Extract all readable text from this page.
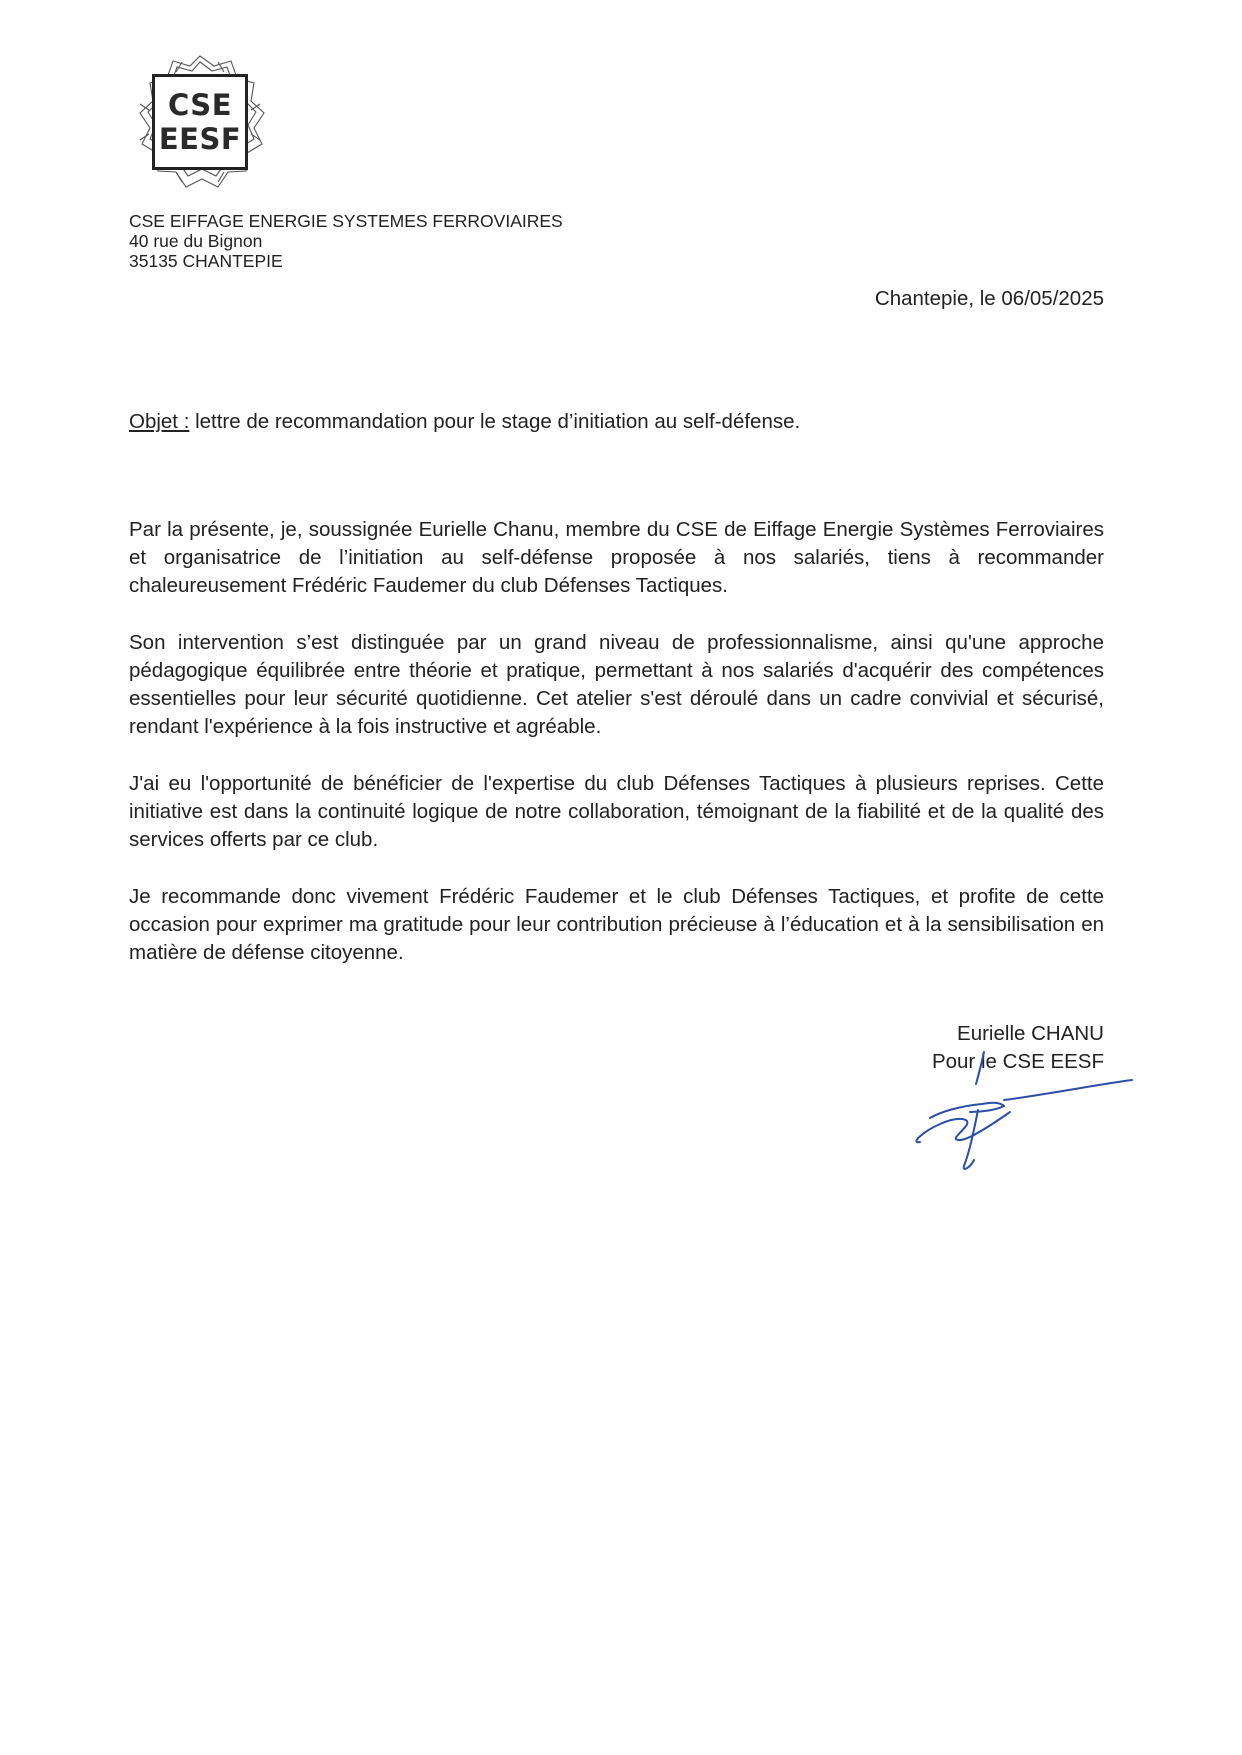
CSE
EESF
CSE EIFFAGE ENERGIE SYSTEMES FERROVIAIRES
40 rue du Bignon
35135 CHANTEPIE
Chantepie, le 06/05/2025
Objet : lettre de recommandation pour le stage d’initiation au self-défense.

Par la présente, je, soussignée Eurielle Chanu, membre du CSE de Eiffage Energie Systèmes Ferroviaires et organisatrice de l’initiation au self-défense proposée à nos salariés, tiens à recommander chaleureusement Frédéric Faudemer du club Défenses Tactiques.

Son intervention s’est distinguée par un grand niveau de professionnalisme, ainsi qu'une approche pédagogique équilibrée entre théorie et pratique, permettant à nos salariés d'acquérir des compétences essentielles pour leur sécurité quotidienne. Cet atelier s'est déroulé dans un cadre convivial et sécurisé, rendant l'expérience à la fois instructive et agréable.

J'ai eu l'opportunité de bénéficier de l'expertise du club Défenses Tactiques à plusieurs reprises. Cette initiative est dans la continuité logique de notre collaboration, témoignant de la fiabilité et de la qualité des services offerts par ce club.

Je recommande donc vivement Frédéric Faudemer et le club Défenses Tactiques, et profite de cette occasion pour exprimer ma gratitude pour leur contribution précieuse à l’éducation et à la sensibilisation en matière de défense citoyenne.

Eurielle CHANU
Pour le CSE EESF
